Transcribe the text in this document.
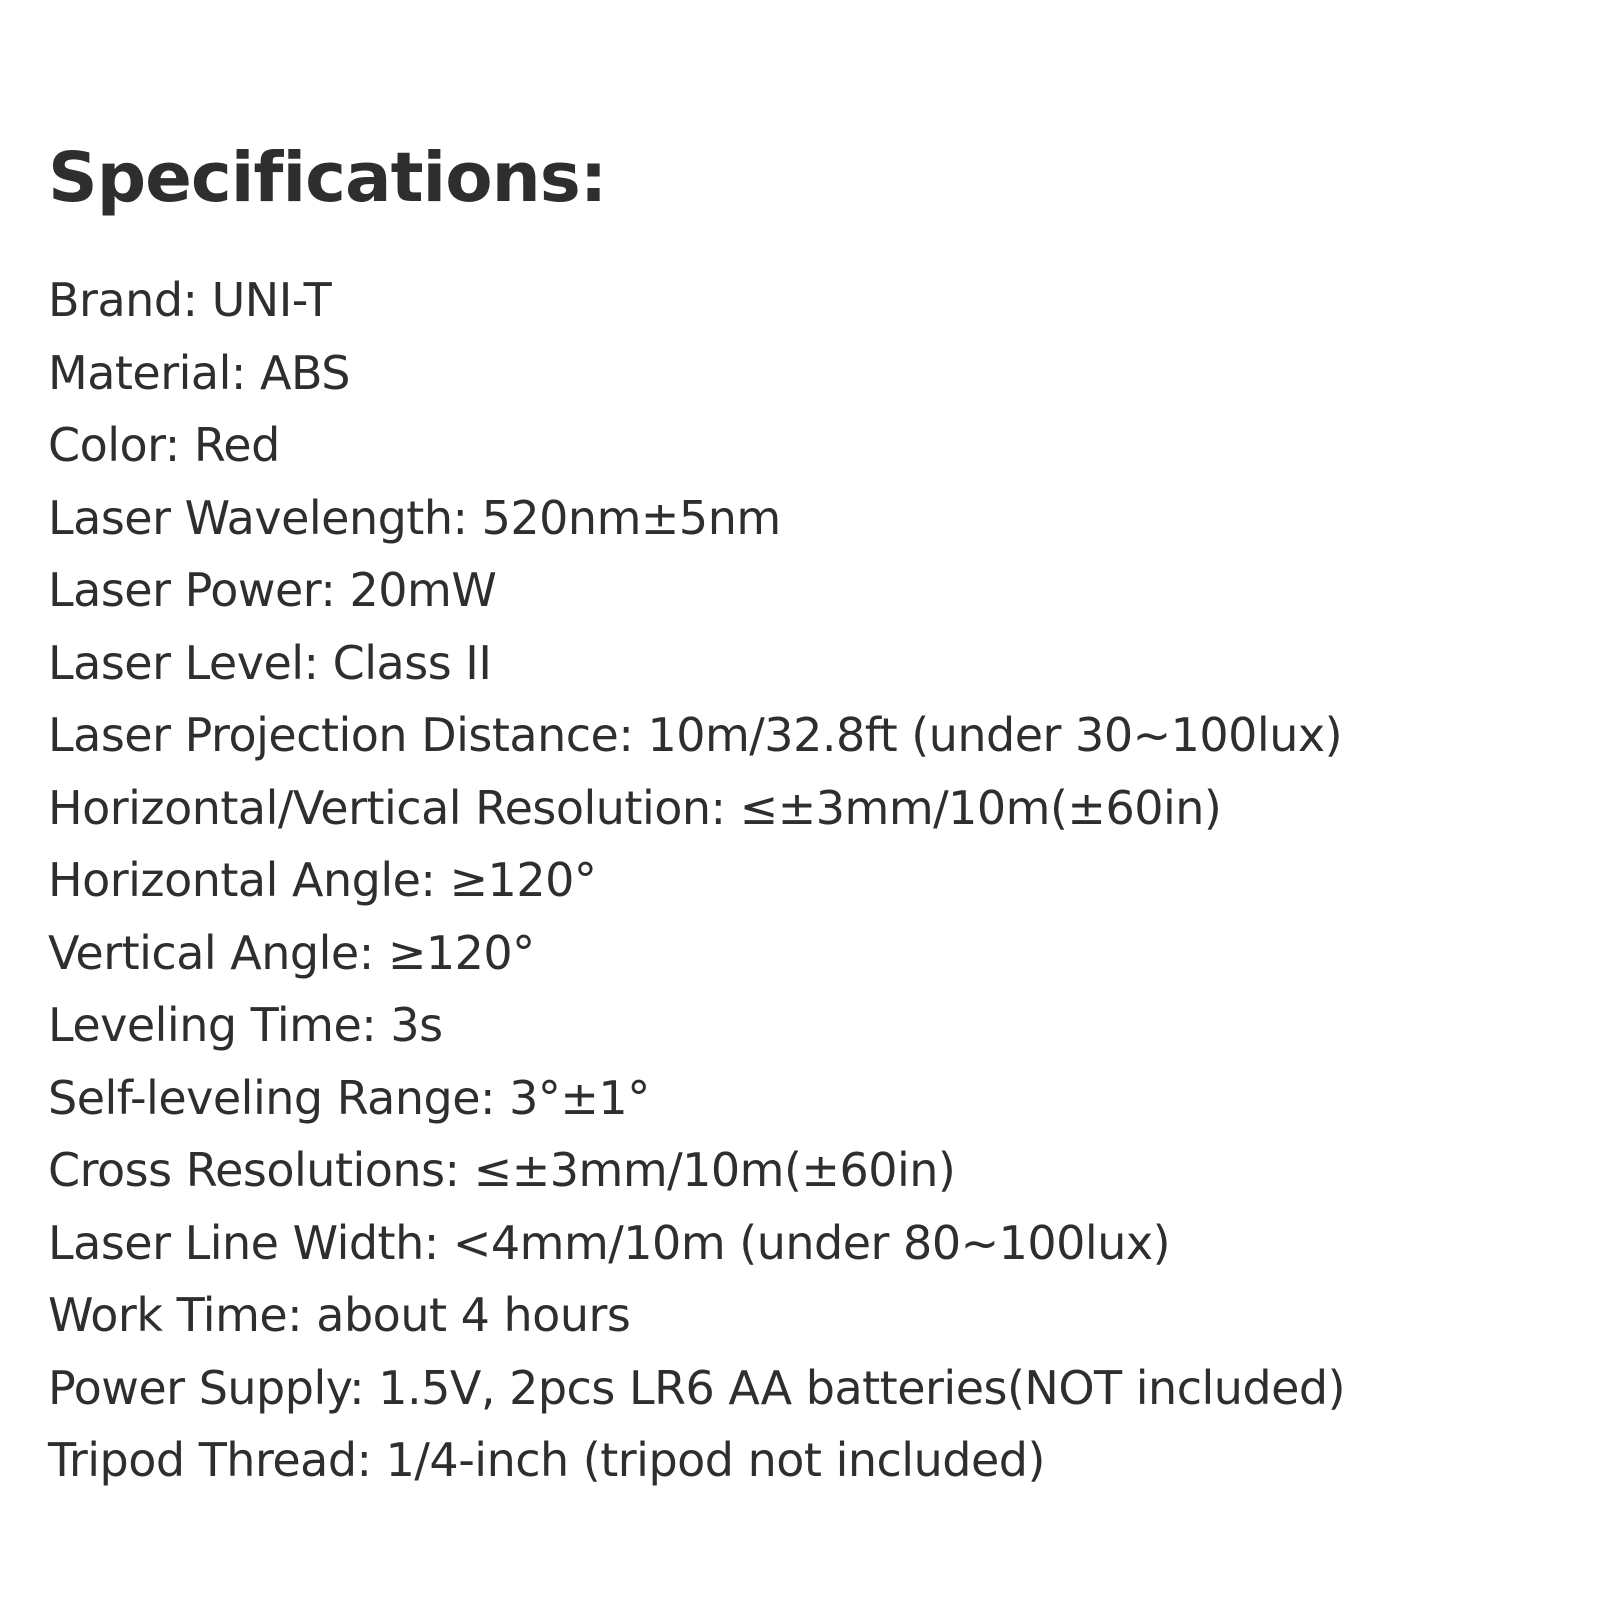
Specifications:
Brand: UNI-T
Material: ABS
Color: Red
Laser Wavelength: 520nm±5nm
Laser Power: 20mW
Laser Level: Class II
Laser Projection Distance: 10m/32.8ft (under 30~100lux)
Horizontal/Vertical Resolution: ≤±3mm/10m(±60in)
Horizontal Angle: ≥120°
Vertical Angle: ≥120°
Leveling Time: 3s
Self-leveling Range: 3°±1°
Cross Resolutions: ≤±3mm/10m(±60in)
Laser Line Width: <4mm/10m (under 80~100lux)
Work Time: about 4 hours
Power Supply: 1.5V, 2pcs LR6 AA batteries(NOT included)
Tripod Thread: 1/4-inch (tripod not included)
